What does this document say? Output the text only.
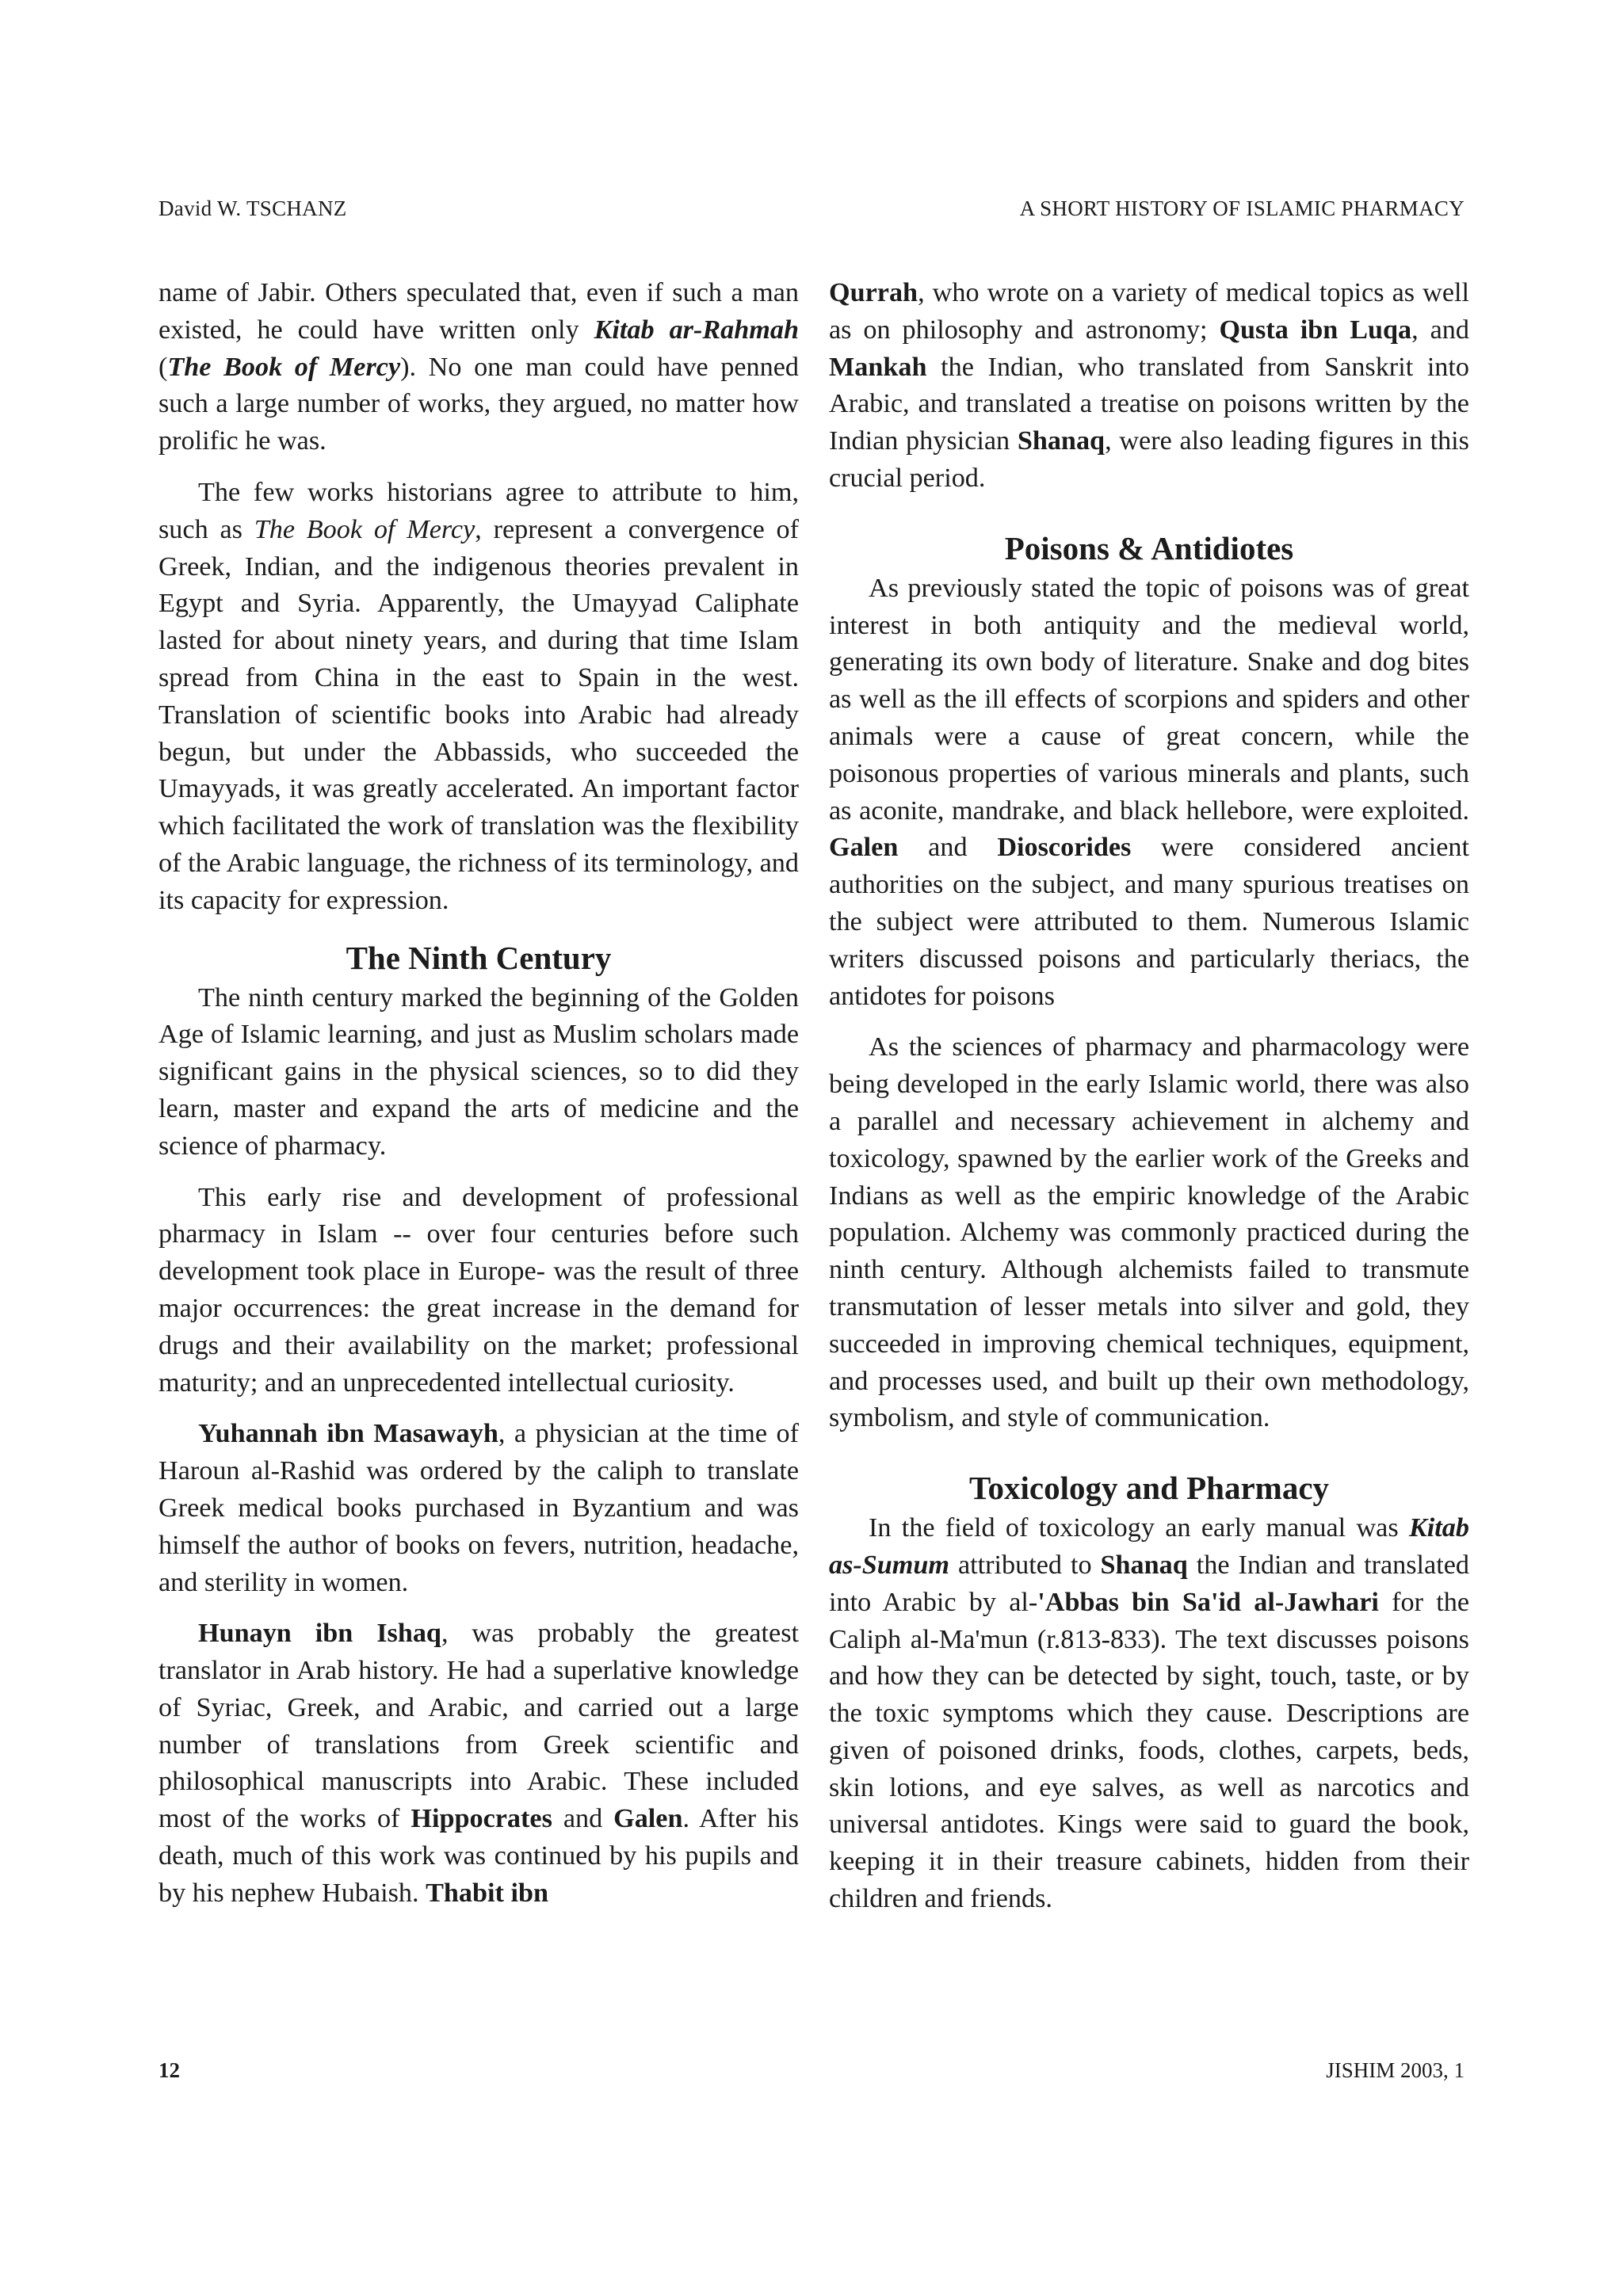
David W. TSCHANZ	A SHORT HISTORY OF ISLAMIC PHARMACY

name of Jabir. Others speculated that, even if such a man existed, he could have written only Kitab ar-Rahmah (The Book of Mercy). No one man could have penned such a large number of works, they argued, no matter how prolific he was.

The few works historians agree to attribute to him, such as The Book of Mercy, represent a convergence of Greek, Indian, and the indigenous theories prevalent in Egypt and Syria. Apparently, the Umayyad Caliphate lasted for about ninety years, and during that time Islam spread from China in the east to Spain in the west. Translation of scientific books into Arabic had already begun, but under the Abbassids, who succeeded the Umayyads, it was greatly accelerated. An important factor which facilitated the work of translation was the flexibility of the Arabic language, the richness of its terminology, and its capacity for expression.

The Ninth Century

The ninth century marked the beginning of the Golden Age of Islamic learning, and just as Muslim scholars made significant gains in the physical sciences, so to did they learn, master and expand the arts of medicine and the science of pharmacy.

This early rise and development of professional pharmacy in Islam -- over four centuries before such development took place in Europe- was the result of three major occurrences: the great increase in the demand for drugs and their availability on the market; professional maturity; and an unprecedented intellectual curiosity.

Yuhannah ibn Masawayh, a physician at the time of Haroun al-Rashid was ordered by the caliph to translate Greek medical books purchased in Byzantium and was himself the author of books on fevers, nutrition, headache, and sterility in women.

Hunayn ibn Ishaq, was probably the greatest translator in Arab history. He had a superlative knowledge of Syriac, Greek, and Arabic, and carried out a large number of translations from Greek scientific and philosophical manuscripts into Arabic. These included most of the works of Hippocrates and Galen. After his death, much of this work was continued by his pupils and by his nephew Hubaish. Thabit ibn

Qurrah, who wrote on a variety of medical topics as well as on philosophy and astronomy; Qusta ibn Luqa, and Mankah the Indian, who translated from Sanskrit into Arabic, and translated a treatise on poisons written by the Indian physician Shanaq, were also leading figures in this crucial period.

Poisons & Antidiotes

As previously stated the topic of poisons was of great interest in both antiquity and the medieval world, generating its own body of literature. Snake and dog bites as well as the ill effects of scorpions and spiders and other animals were a cause of great concern, while the poisonous properties of various minerals and plants, such as aconite, mandrake, and black hellebore, were exploited. Galen and Dioscorides were considered ancient authorities on the subject, and many spurious treatises on the subject were attributed to them. Numerous Islamic writers discussed poisons and particularly theriacs, the antidotes for poisons

As the sciences of pharmacy and pharmacology were being developed in the early Islamic world, there was also a parallel and necessary achievement in alchemy and toxicology, spawned by the earlier work of the Greeks and Indians as well as the empiric knowledge of the Arabic population. Alchemy was commonly practiced during the ninth century. Although alchemists failed to transmute transmutation of lesser metals into silver and gold, they succeeded in improving chemical techniques, equipment, and processes used, and built up their own methodology, symbolism, and style of communication.

Toxicology and Pharmacy

In the field of toxicology an early manual was Kitab as-Sumum attributed to Shanaq the Indian and translated into Arabic by al-'Abbas bin Sa'id al-Jawhari for the Caliph al-Ma'mun (r.813-833). The text discusses poisons and how they can be detected by sight, touch, taste, or by the toxic symptoms which they cause. Descriptions are given of poisoned drinks, foods, clothes, carpets, beds, skin lotions, and eye salves, as well as narcotics and universal antidotes. Kings were said to guard the book, keeping it in their treasure cabinets, hidden from their children and friends.

12	JISHIM 2003, 1
